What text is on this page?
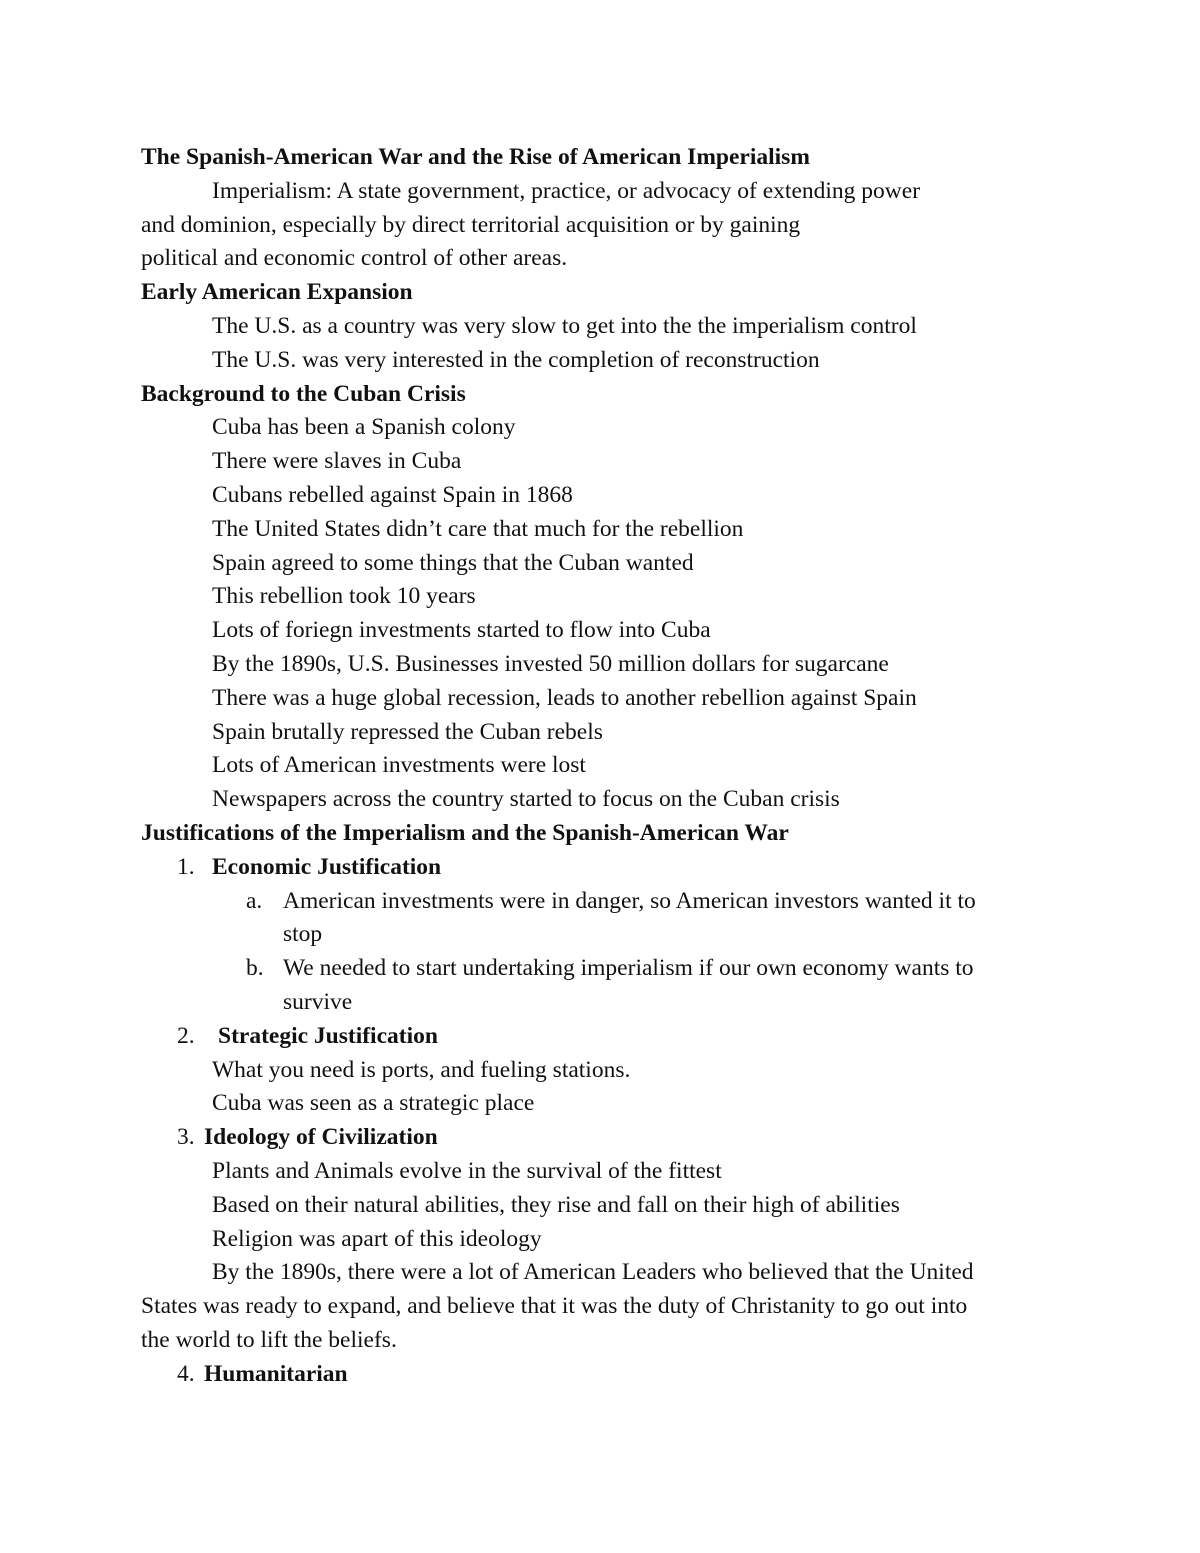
The Spanish-American War and the Rise of American Imperialism
Imperialism: A state government, practice, or advocacy of extending power
and dominion, especially by direct territorial acquisition or by gaining
political and economic control of other areas.
Early American Expansion
The U.S. as a country was very slow to get into the the imperialism control
The U.S. was very interested in the completion of reconstruction
Background to the Cuban Crisis
Cuba has been a Spanish colony
There were slaves in Cuba
Cubans rebelled against Spain in 1868
The United States didn’t care that much for the rebellion
Spain agreed to some things that the Cuban wanted
This rebellion took 10 years
Lots of foriegn investments started to flow into Cuba
By the 1890s, U.S. Businesses invested 50 million dollars for sugarcane
There was a huge global recession, leads to another rebellion against Spain
Spain brutally repressed the Cuban rebels
Lots of American investments were lost
Newspapers across the country started to focus on the Cuban crisis
Justifications of the Imperialism and the Spanish-American War
1. Economic Justification
a. American investments were in danger, so American investors wanted it to
stop
b. We needed to start undertaking imperialism if our own economy wants to
survive
2. Strategic Justification
What you need is ports, and fueling stations.
Cuba was seen as a strategic place
3. Ideology of Civilization
Plants and Animals evolve in the survival of the fittest
Based on their natural abilities, they rise and fall on their high of abilities
Religion was apart of this ideology
By the 1890s, there were a lot of American Leaders who believed that the United
States was ready to expand, and believe that it was the duty of Christanity to go out into
the world to lift the beliefs.
4. Humanitarian
